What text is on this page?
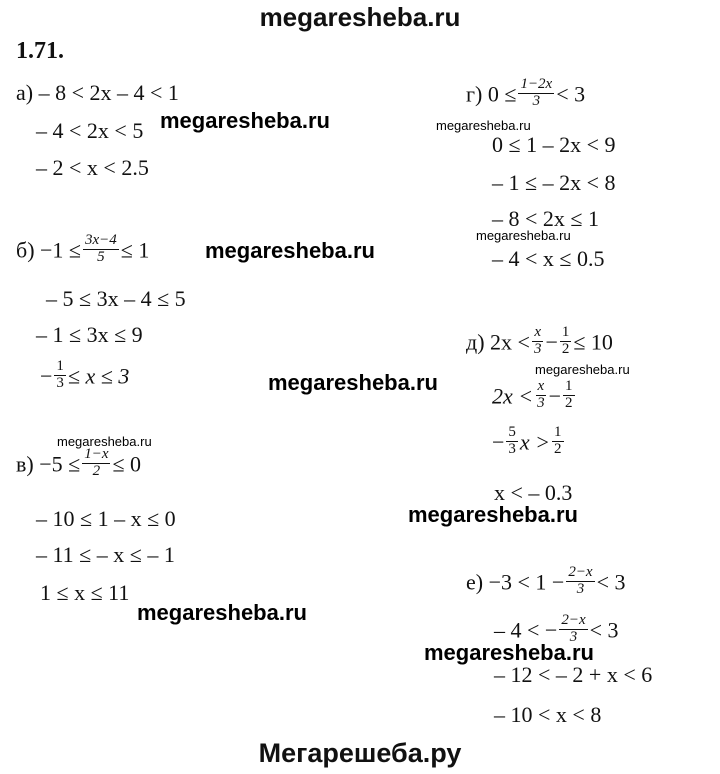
megaresheba.ru
Мегарешеба.ру
megaresheba.ru
megaresheba.ru
megaresheba.ru
megaresheba.ru
megaresheba.ru
megaresheba.ru
megaresheba.ru
megaresheba.ru
megaresheba.ru
megaresheba.ru
1.71.
а) – 8 < 2x – 4 < 1
– 4 < 2x < 5
– 2 < x < 2.5
$б) -1 \le \frac{3x-4}{5} \le 1$
– 5 ≤ 3x – 4 ≤ 5
– 1 ≤ 3x ≤ 9
− $\frac{1}{3} \le x \le 3$
$в) -5 \le \frac{1-x}{2} \le 0$
– 10 ≤ 1 – x ≤ 0
– 11 ≤ – x ≤ – 1
1 ≤ x ≤ 11
г) $0 \le \frac{1-2x}{3} < 3$
0 ≤ 1 – 2x < 9
– 1 ≤ – 2x < 8
– 8 < 2x ≤ 1
– 4 < x ≤ 0.5
д) $2x < \frac{x}{3} - \frac{1}{2} \le 10$
$2x < \frac{x}{3} - \frac{1}{2}$
− $\frac{5}{3}$ $x > \frac{1}{2}$
x < – 0.3
$е) -3 < 1 - \frac{2-x}{3} < 3$
– 4 < − $\frac{2-x}{3} < 3$
– 12 < – 2 + x < 6
– 10 < x < 8
